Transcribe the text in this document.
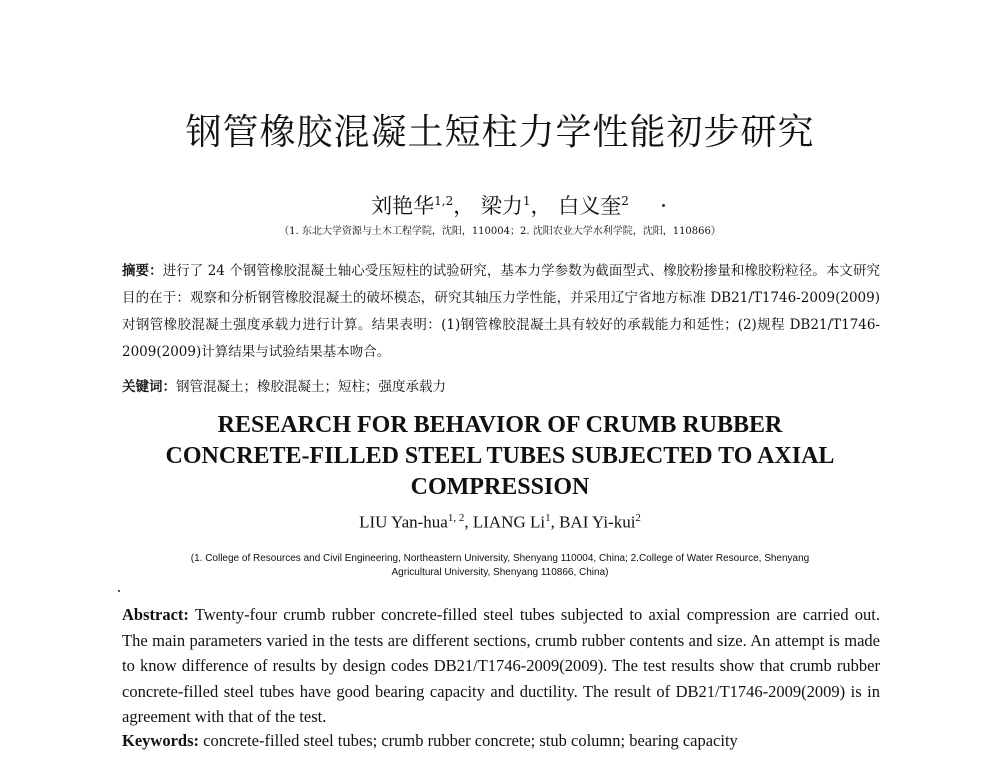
钢管橡胶混凝土短柱力学性能初步研究
刘艳华$^{1,2}$， 梁力$^1$， 白义奎$^2$
（1. 东北大学资源与土木工程学院，沈阳，110004；2. 沈阳农业大学水利学院，沈阳，110866）
摘要：进行了 24 个钢管橡胶混凝土轴心受压短柱的试验研究，基本力学参数为截面型式、橡胶粉掺量和橡胶粉粒径。本文研究目的在于：观察和分析钢管橡胶混凝土的破坏模态，研究其轴压力学性能，并采用辽宁省地方标准 DB21/T1746-2009(2009)对钢管橡胶混凝土强度承载力进行计算。结果表明：(1)钢管橡胶混凝土具有较好的承载能力和延性；(2)规程 DB21/T1746-2009(2009)计算结果与试验结果基本吻合。
关键词：钢管混凝土；橡胶混凝土；短柱；强度承载力
RESEARCH FOR BEHAVIOR OF CRUMB RUBBER
CONCRETE-FILLED STEEL TUBES SUBJECTED TO AXIAL
COMPRESSION
LIU Yan-hua$^{1, 2}$, LIANG Li$^1$, BAI Yi-kui$^2$
(1. College of Resources and Civil Engineering, Northeastern University, Shenyang 110004, China; 2.College of Water Resource, Shenyang
Agricultural University, Shenyang 110866, China)
Abstract: Twenty-four crumb rubber concrete-filled steel tubes subjected to axial compression are carried out. The main parameters varied in the tests are different sections, crumb rubber contents and size. An attempt is made to know difference of results by design codes DB21/T1746-2009(2009). The test results show that crumb rubber concrete-filled steel tubes have good bearing capacity and ductility. The result of DB21/T1746-2009(2009) is in agreement with that of the test.
Keywords: concrete-filled steel tubes; crumb rubber concrete; stub column; bearing capacity
